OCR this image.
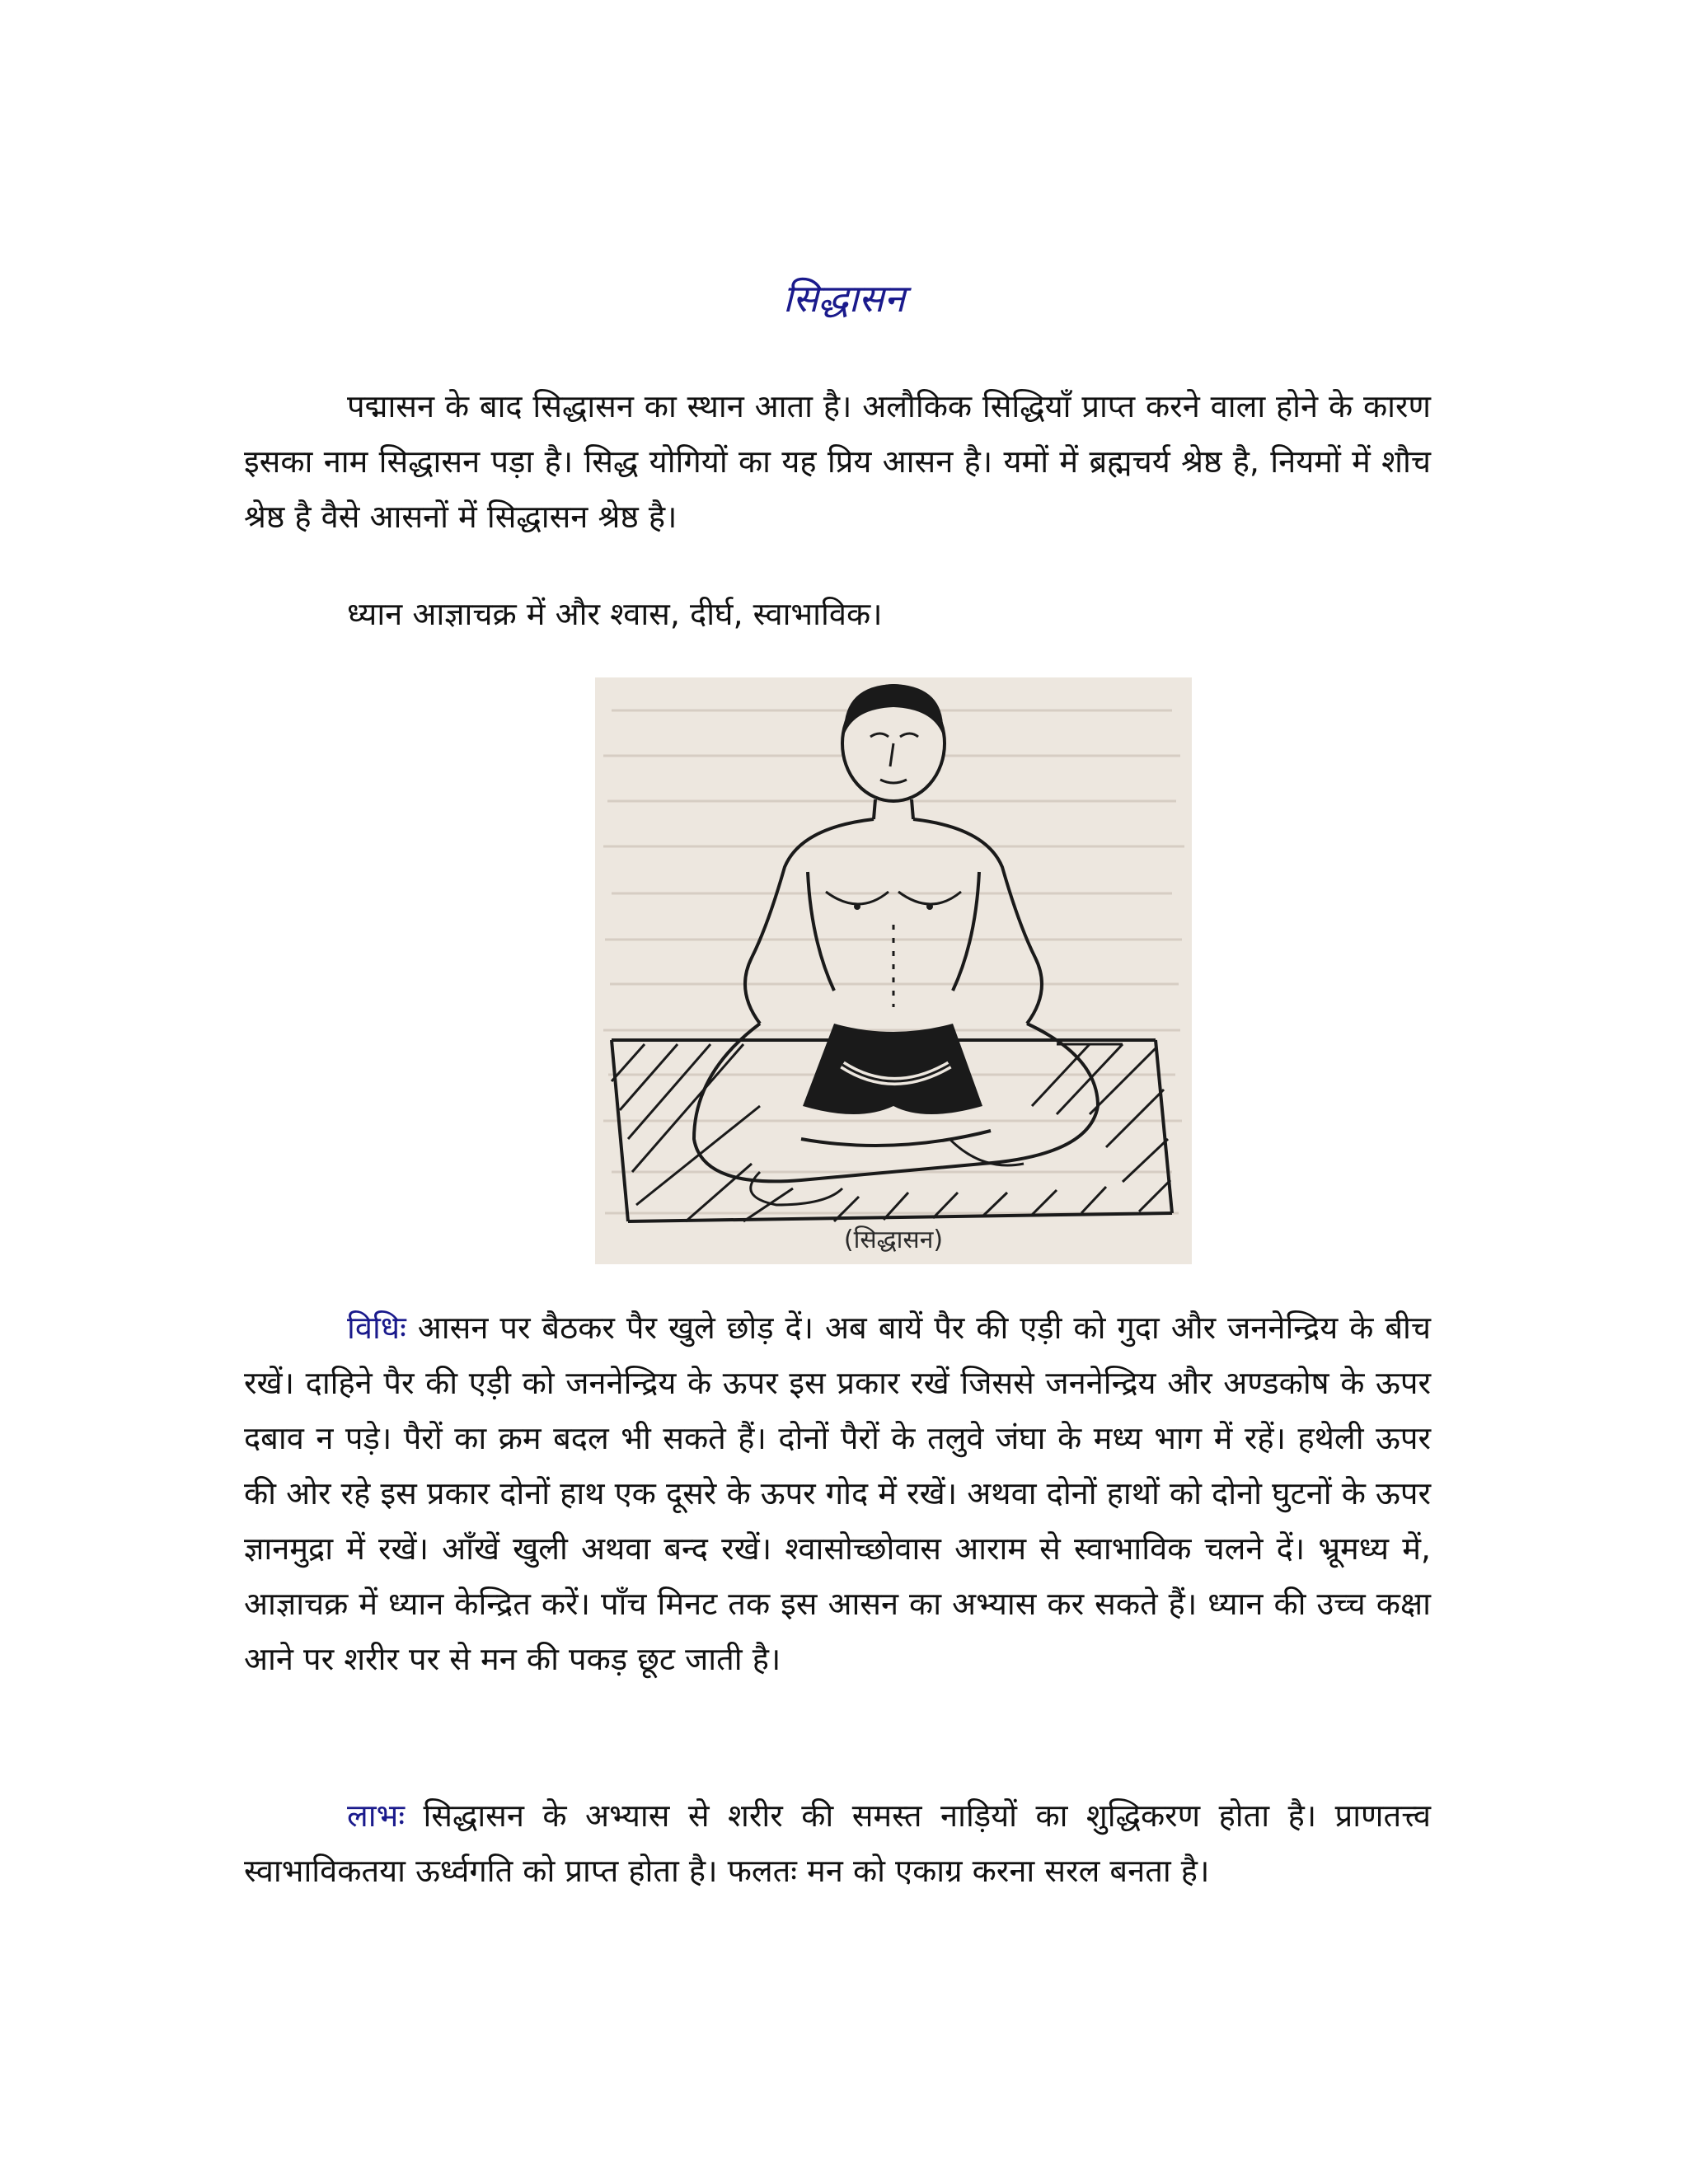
सिद्धासन

पद्मासन के बाद सिद्धासन का स्थान आता है। अलौकिक सिद्धियाँ प्राप्त करने वाला होने के कारण इसका नाम सिद्धासन पड़ा है। सिद्ध योगियों का यह प्रिय आसन है। यमों में ब्रह्मचर्य श्रेष्ठ है, नियमों में शौच श्रेष्ठ है वैसे आसनों में सिद्धासन श्रेष्ठ है।

ध्यान आज्ञाचक्र में और श्वास, दीर्घ, स्वाभाविक।

(सिद्धासन)

विधिः आसन पर बैठकर पैर खुले छोड़ दें। अब बायें पैर की एड़ी को गुदा और जननेन्द्रिय के बीच रखें। दाहिने पैर की एड़ी को जननेन्द्रिय के ऊपर इस प्रकार रखें जिससे जननेन्द्रिय और अण्डकोष के ऊपर दबाव न पड़े। पैरों का क्रम बदल भी सकते हैं। दोनों पैरों के तलुवे जंघा के मध्य भाग में रहें। हथेली ऊपर की ओर रहे इस प्रकार दोनों हाथ एक दूसरे के ऊपर गोद में रखें। अथवा दोनों हाथों को दोनो घुटनों के ऊपर ज्ञानमुद्रा में रखें। आँखें खुली अथवा बन्द रखें। श्वासोच्छोवास आराम से स्वाभाविक चलने दें। भ्रूमध्य में, आज्ञाचक्र में ध्यान केन्द्रित करें। पाँच मिनट तक इस आसन का अभ्यास कर सकते हैं। ध्यान की उच्च कक्षा आने पर शरीर पर से मन की पकड़ छूट जाती है।

लाभः सिद्धासन के अभ्यास से शरीर की समस्त नाड़ियों का शुद्धिकरण होता है। प्राणतत्त्व स्वाभाविकतया ऊर्ध्वगति को प्राप्त होता है। फलतः मन को एकाग्र करना सरल बनता है।
